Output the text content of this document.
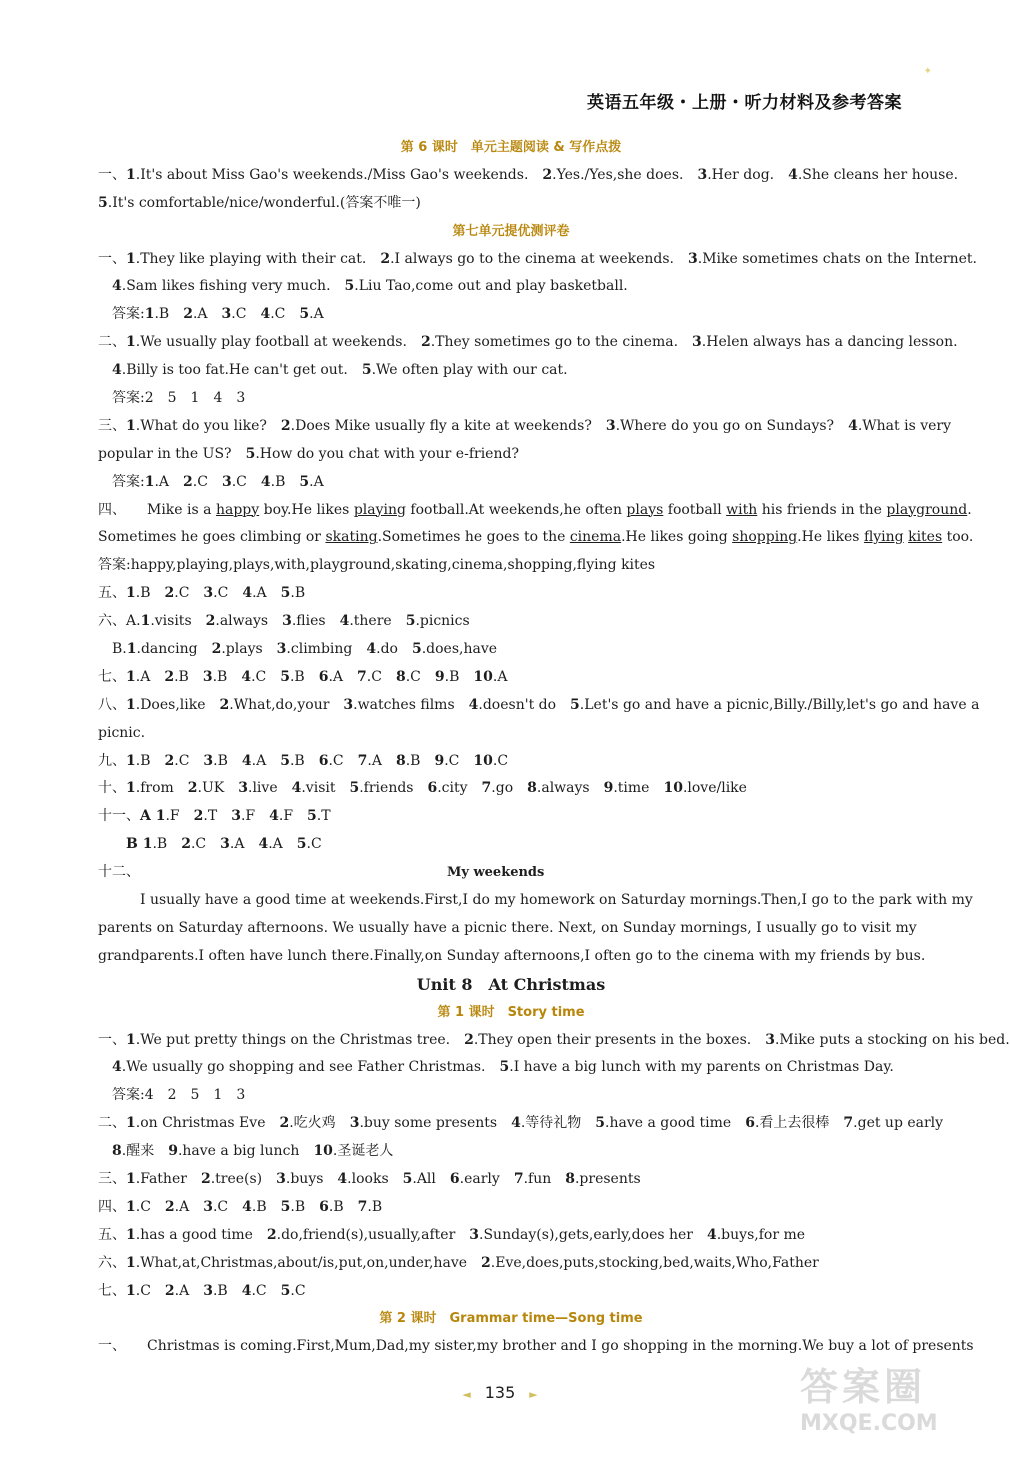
✦
英语五年级・上册・听力材料及参考答案
第 6 课时　单元主题阅读 & 写作点拨
一、1.It's about Miss Gao's weekends./Miss Gao's weekends.　2.Yes./Yes,she does.　3.Her dog.　4.She cleans her house.
5.It's comfortable/nice/wonderful.(答案不唯一)
第七单元提优测评卷
一、1.They like playing with their cat.　2.I always go to the cinema at weekends.　3.Mike sometimes chats on the Internet.
　4.Sam likes fishing very much.　5.Liu Tao,come out and play basketball.
　答案:1.B　2.A　3.C　4.C　5.A
二、1.We usually play football at weekends.　2.They sometimes go to the cinema.　3.Helen always has a dancing lesson.
　4.Billy is too fat.He can't get out.　5.We often play with our cat.
　答案:2　5　1　4　3
三、1.What do you like?　2.Does Mike usually fly a kite at weekends?　3.Where do you go on Sundays?　4.What is very
popular in the US?　5.How do you chat with your e-friend?
　答案:1.A　2.C　3.C　4.B　5.A
四、　　Mike is a happy boy.He likes playing football.At weekends,he often plays football with his friends in the playground.
Sometimes he goes climbing or skating.Sometimes he goes to the cinema.He likes going shopping.He likes flying kites too.
答案:happy,playing,plays,with,playground,skating,cinema,shopping,flying kites
五、1.B　2.C　3.C　4.A　5.B
六、A.1.visits　2.always　3.flies　4.there　5.picnics
　B.1.dancing　2.plays　3.climbing　4.do　5.does,have
七、1.A　2.B　3.B　4.C　5.B　6.A　7.C　8.C　9.B　10.A
八、1.Does,like　2.What,do,your　3.watches films　4.doesn't do　5.Let's go and have a picnic,Billy./Billy,let's go and have a
picnic.
九、1.B　2.C　3.B　4.A　5.B　6.C　7.A　8.B　9.C　10.C
十、1.from　2.UK　3.live　4.visit　5.friends　6.city　7.go　8.always　9.time　10.love/like
十一、A 1.F　2.T　3.F　4.F　5.T
　　B 1.B　2.C　3.A　4.A　5.C
十二、	My weekends
　　　I usually have a good time at weekends.First,I do my homework on Saturday mornings.Then,I go to the park with my
parents on Saturday afternoons. We usually have a picnic there. Next, on Sunday mornings, I usually go to visit my
grandparents.I often have lunch there.Finally,on Sunday afternoons,I often go to the cinema with my friends by bus.
Unit 8　At Christmas
第 1 课时　Story time
一、1.We put pretty things on the Christmas tree.　2.They open their presents in the boxes.　3.Mike puts a stocking on his bed.
　4.We usually go shopping and see Father Christmas.　5.I have a big lunch with my parents on Christmas Day.
　答案:4　2　5　1　3
二、1.on Christmas Eve　2.吃火鸡　3.buy some presents　4.等待礼物　5.have a good time　6.看上去很棒　7.get up early
　8.醒来　9.have a big lunch　10.圣诞老人
三、1.Father　2.tree(s)　3.buys　4.looks　5.All　6.early　7.fun　8.presents
四、1.C　2.A　3.C　4.B　5.B　6.B　7.B
五、1.has a good time　2.do,friend(s),usually,after　3.Sunday(s),gets,early,does her　4.buys,for me
六、1.What,at,Christmas,about/is,put,on,under,have　2.Eve,does,puts,stocking,bed,waits,Who,Father
七、1.C　2.A　3.B　4.C　5.C
第 2 课时　Grammar time—Song time
一、　　Christmas is coming.First,Mum,Dad,my sister,my brother and I go shopping in the morning.We buy a lot of presents
◄ 135 ►	答案圈
MXQE.COM
